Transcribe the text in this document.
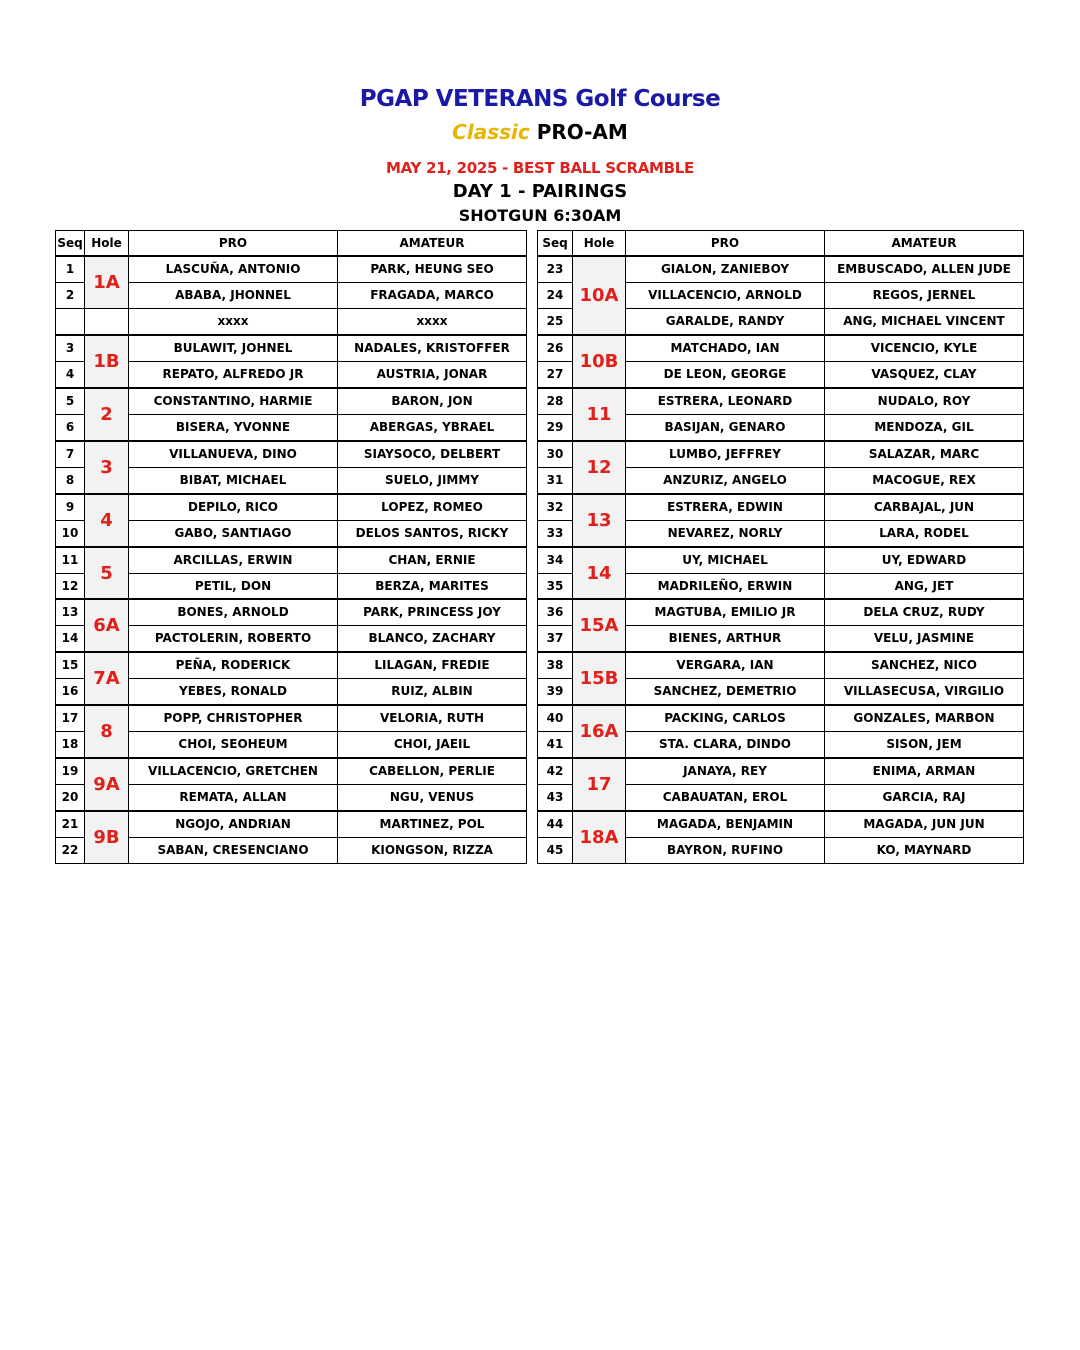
PGAP VETERANS Golf Course
Classic PRO-AM
MAY 21, 2025 - BEST BALL SCRAMBLE
DAY 1 - PAIRINGS
SHOTGUN 6:30AM
Seq	Hole	PRO	AMATEUR
1	1A	LASCUÑA, ANTONIO	PARK, HEUNG SEO
2		ABABA, JHONNEL	FRAGADA, MARCO
		xxxx	xxxx
3	1B	BULAWIT, JOHNEL	NADALES, KRISTOFFER
4		REPATO, ALFREDO JR	AUSTRIA, JONAR
5	2	CONSTANTINO, HARMIE	BARON, JON
6		BISERA, YVONNE	ABERGAS, YBRAEL
7	3	VILLANUEVA, DINO	SIAYSOCO, DELBERT
8		BIBAT, MICHAEL	SUELO, JIMMY
9	4	DEPILO, RICO	LOPEZ, ROMEO
10		GABO, SANTIAGO	DELOS SANTOS, RICKY
11	5	ARCILLAS, ERWIN	CHAN, ERNIE
12		PETIL, DON	BERZA, MARITES
Seq	Hole	PRO	AMATEUR
23	10A	GIALON, ZANIEBOY	EMBUSCADO, ALLEN JUDE
24		VILLACENCIO, ARNOLD	REGOS, JERNEL
25		GARALDE, RANDY	ANG, MICHAEL VINCENT
26	10B	MATCHADO, IAN	VICENCIO, KYLE
27		DE LEON, GEORGE	VASQUEZ, CLAY
28	11	ESTRERA, LEONARD	NUDALO, ROY
29		BASIJAN, GENARO	MENDOZA, GIL
30	12	LUMBO, JEFFREY	SALAZAR, MARC
31		ANZURIZ, ANGELO	MACOGUE, REX
32	13	ESTRERA, EDWIN	CARBAJAL, JUN
33		NEVAREZ, NORLY	LARA, RODEL
34	14	UY, MICHAEL	UY, EDWARD
35		MADRILEÑO, ERWIN	ANG, JET
13	6A	BONES, ARNOLD	PARK, PRINCESS JOY
14		PACTOLERIN, ROBERTO	BLANCO, ZACHARY
15	7A	PEÑA, RODERICK	LILAGAN, FREDIE
16		YEBES, RONALD	RUIZ, ALBIN
17	8	POPP, CHRISTOPHER	VELORIA, RUTH
18		CHOI, SEOHEUM	CHOI, JAEIL
19	9A	VILLACENCIO, GRETCHEN	CABELLON, PERLIE
20		REMATA, ALLAN	NGU, VENUS
21	9B	NGOJO, ANDRIAN	MARTINEZ, POL
22		SABAN, CRESENCIANO	KIONGSON, RIZZA
36	15A	MAGTUBA, EMILIO JR	DELA CRUZ, RUDY
37		BIENES, ARTHUR	VELU, JASMINE
38	15B	VERGARA, IAN	SANCHEZ, NICO
39		SANCHEZ, DEMETRIO	VILLASECUSA, VIRGILIO
40	16A	PACKING, CARLOS	GONZALES, MARBON
41		STA. CLARA, DINDO	SISON, JEM
42	17	JANAYA, REY	ENIMA, ARMAN
43		CABAUATAN, EROL	GARCIA, RAJ
44	18A	MAGADA, BENJAMIN	MAGADA, JUN JUN
45		BAYRON, RUFINO	KO, MAYNARD
